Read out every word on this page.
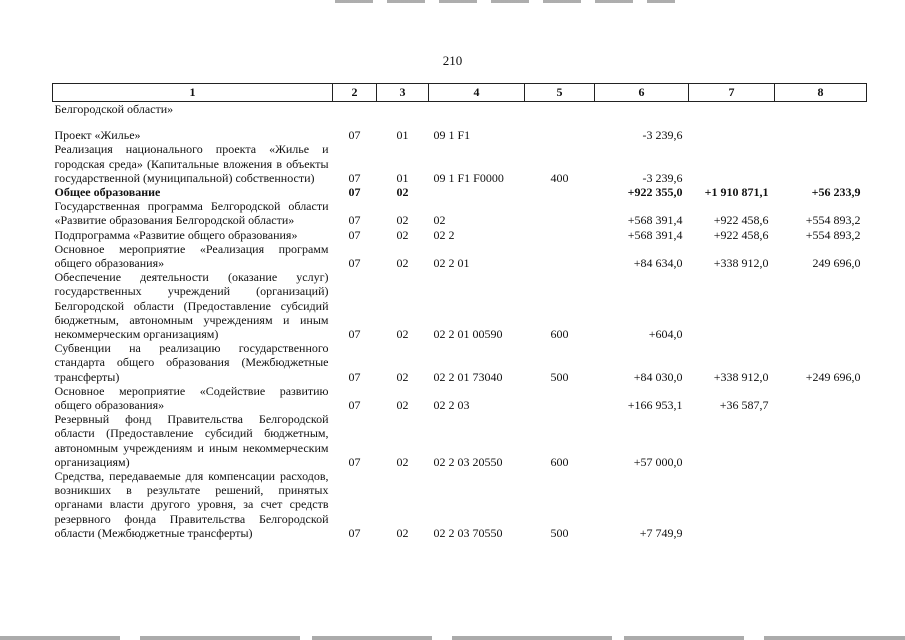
210
1	2	3	4	5	6	7	8
Белгородской области»							

Проект «Жилье»	07	01	09 1 F1		-3 239,6		
Реализация национального проекта «Жилье и городская среда» (Капитальные вложения в объекты государственной (муниципальной) собственности)	07	01	09 1 F1 F0000	400	-3 239,6		
Общее образование	07	02			+922 355,0	+1 910 871,1	+56 233,9
Государственная программа Белгородской области «Развитие образования Белгородской области»	07	02	02		+568 391,4	+922 458,6	+554 893,2
Подпрограмма «Развитие общего образования»	07	02	02 2		+568 391,4	+922 458,6	+554 893,2
Основное мероприятие «Реализация программ общего образования»	07	02	02 2 01		+84 634,0	+338 912,0	249 696,0
Обеспечение деятельности (оказание услуг) государственных учреждений (организаций) Белгородской области (Предоставление субсидий бюджетным, автономным учреждениям и иным некоммерческим организациям)	07	02	02 2 01 00590	600	+604,0		
Субвенции на реализацию государственного стандарта общего образования (Межбюджетные трансферты)	07	02	02 2 01 73040	500	+84 030,0	+338 912,0	+249 696,0
Основное мероприятие «Содействие развитию общего образования»	07	02	02 2 03		+166 953,1	+36 587,7	
Резервный фонд Правительства Белгородской области (Предоставление субсидий бюджетным, автономным учреждениям и иным некоммерческим организациям)	07	02	02 2 03 20550	600	+57 000,0		
Средства, передаваемые для компенсации расходов, возникших в результате решений, принятых органами власти другого уровня, за счет средств резервного фонда Правительства Белгородской области (Межбюджетные трансферты)	07	02	02 2 03 70550	500	+7 749,9		
